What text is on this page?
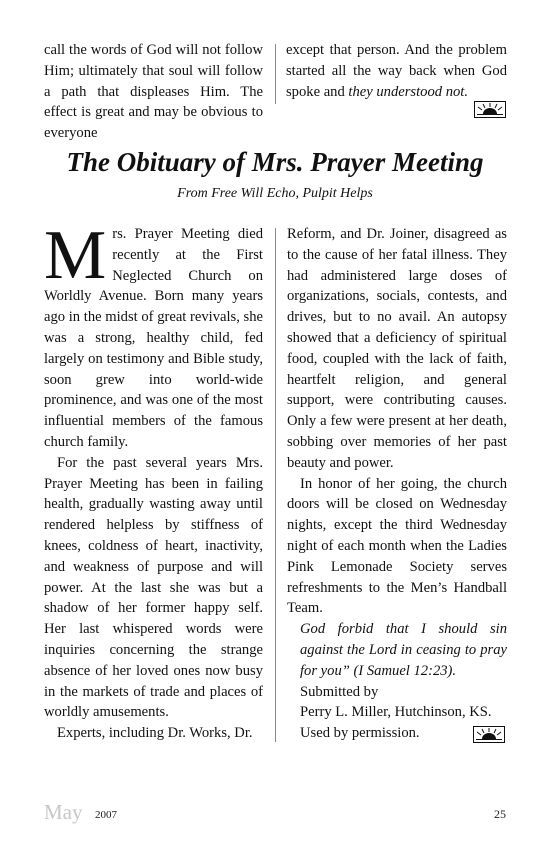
call the words of God will not follow Him; ultimately that soul will follow a path that displeases Him. The effect is great and may be obvious to everyone

except that person. And the problem started all the way back when God spoke and they understood not.

The Obituary of Mrs. Prayer Meeting
From Free Will Echo, Pulpit Helps

Mrs. Prayer Meeting died recently at the First Neglected Church on Worldly Avenue. Born many years ago in the midst of great revivals, she was a strong, healthy child, fed largely on testimony and Bible study, soon grew into world-wide prominence, and was one of the most influential members of the famous church family.

For the past several years Mrs. Prayer Meeting has been in failing health, gradually wasting away until rendered helpless by stiffness of knees, coldness of heart, inactivity, and weakness of purpose and will power. At the last she was but a shadow of her former happy self. Her last whispered words were inquiries concerning the strange absence of her loved ones now busy in the markets of trade and places of worldly amusements.

Experts, including Dr. Works, Dr.

Reform, and Dr. Joiner, disagreed as to the cause of her fatal illness. They had administered large doses of organizations, socials, contests, and drives, but to no avail. An autopsy showed that a deficiency of spiritual food, coupled with the lack of faith, heartfelt religion, and general support, were contributing causes. Only a few were present at her death, sobbing over memories of her past beauty and power.

In honor of her going, the church doors will be closed on Wednesday nights, except the third Wednesday night of each month when the Ladies Pink Lemonade Society serves refreshments to the Men’s Handball Team.

God forbid that I should sin against the Lord in ceasing to pray for you” (I Samuel 12:23).

Submitted by

Perry L. Miller, Hutchinson, KS.

Used by permission.

May 2007	25
